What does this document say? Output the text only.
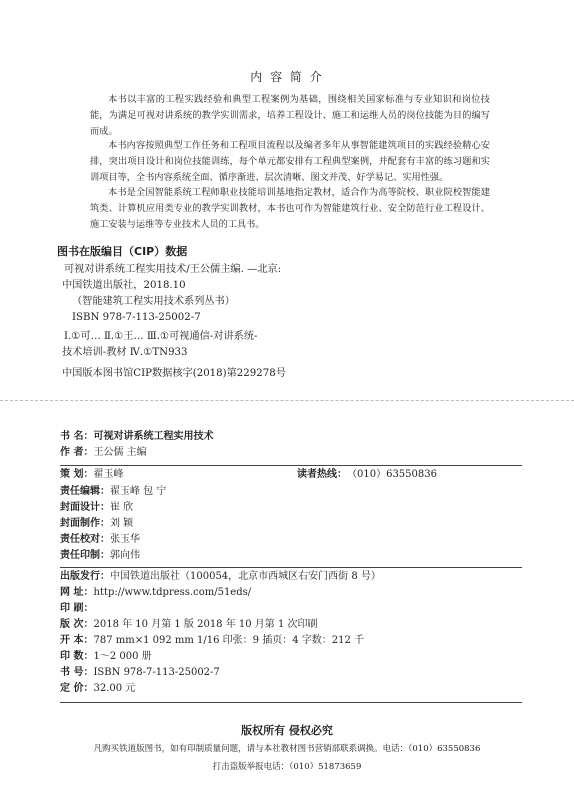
内 容 简 介

本书以丰富的工程实践经验和典型工程案例为基础，围绕相关国家标准与专业知识和岗位技能，为满足可视对讲系统的教学实训需求，培养工程设计、施工和运维人员的岗位技能为目的编写而成。

本书内容按照典型工作任务和工程项目流程以及编者多年从事智能建筑项目的实践经验精心安排，突出项目设计和岗位技能训练，每个单元都安排有工程典型案例，并配套有丰富的练习题和实训项目等，全书内容系统全面、循序渐进、层次清晰、图文并茂、好学易记、实用性强。

本书是全国智能系统工程师职业技能培训基地指定教材，适合作为高等院校、职业院校智能建筑类、计算机应用类专业的教学实训教材，本书也可作为智能建筑行业、安全防范行业工程设计、施工安装与运维等专业技术人员的工具书。

图书在版编目（CIP）数据
可视对讲系统工程实用技术/王公儒主编. —北京:
中国铁道出版社，2018.10
（智能建筑工程实用技术系列丛书）
ISBN 978-7-113-25002-7
Ⅰ.①可… Ⅱ.①王… Ⅲ.①可视通信-对讲系统-
技术培训-教材 Ⅳ.①TN933
中国版本图书馆CIP数据核字(2018)第229278号
书 名：可视对讲系统工程实用技术
作 者：王公儒 主编
策 划：翟玉峰	读者热线：（010）63550836
责任编辑：翟玉峰 包 宁
封面设计：崔 欣
封面制作：刘 颖
责任校对：张玉华
责任印制：郭向伟
出版发行：中国铁道出版社（100054，北京市西城区右安门西街 8 号）
网 址：http://www.tdpress.com/51eds/
印 刷：
版 次：2018 年 10 月第 1 版 2018 年 10 月第 1 次印刷
开 本：787 mm×1 092 mm 1/16 印张：9 插页：4 字数：212 千
印 数：1～2 000 册
书 号：ISBN 978-7-113-25002-7
定 价：32.00 元
版权所有 侵权必究
凡购买铁道版图书，如有印制质量问题，请与本社教材图书营销部联系调换。电话：（010）63550836
打击盗版举报电话：（010）51873659
